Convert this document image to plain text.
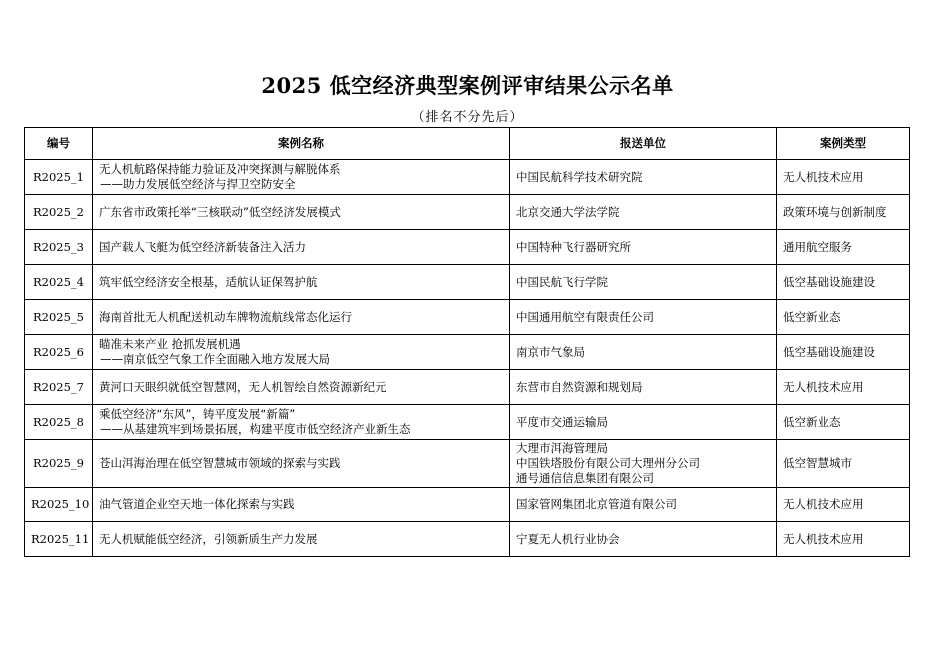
2025 低空经济典型案例评审结果公示名单
（排名不分先后）
编号	案例名称	报送单位	案例类型
R2025_1	无人机航路保持能力验证及冲突探测与解脱体系
——助力发展低空经济与捍卫空防安全	中国民航科学技术研究院	无人机技术应用
R2025_2	广东省市政策托举“三核联动”低空经济发展模式	北京交通大学法学院	政策环境与创新制度
R2025_3	国产载人飞艇为低空经济新装备注入活力	中国特种飞行器研究所	通用航空服务
R2025_4	筑牢低空经济安全根基，适航认证保驾护航	中国民航飞行学院	低空基础设施建设
R2025_5	海南首批无人机配送机动车牌物流航线常态化运行	中国通用航空有限责任公司	低空新业态
R2025_6	瞄准未来产业 抢抓发展机遇
——南京低空气象工作全面融入地方发展大局	南京市气象局	低空基础设施建设
R2025_7	黄河口天眼织就低空智慧网，无人机智绘自然资源新纪元	东营市自然资源和规划局	无人机技术应用
R2025_8	乘低空经济“东风”，铸平度发展“新篇”
——从基建筑牢到场景拓展，构建平度市低空经济产业新生态	平度市交通运输局	低空新业态
R2025_9	苍山洱海治理在低空智慧城市领域的探索与实践	大理市洱海管理局
中国铁塔股份有限公司大理州分公司
通号通信信息集团有限公司	低空智慧城市
R2025_10	油气管道企业空天地一体化探索与实践	国家管网集团北京管道有限公司	无人机技术应用
R2025_11	无人机赋能低空经济，引领新质生产力发展	宁夏无人机行业协会	无人机技术应用
